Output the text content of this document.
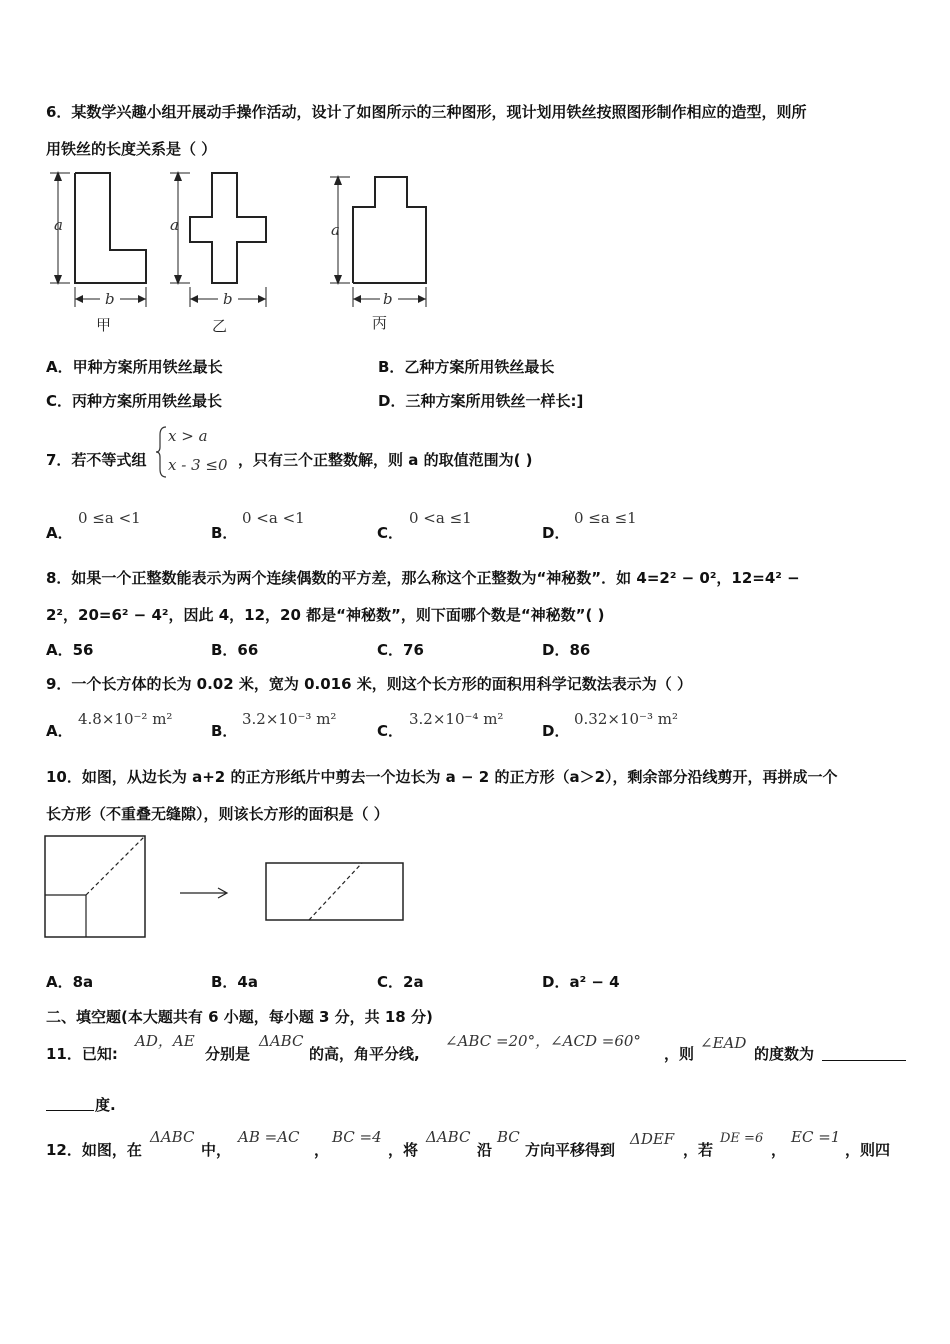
6．某数学兴趣小组开展动手操作活动，设计了如图所示的三种图形，现计划用铁丝按照图形制作相应的造型，则所
用铁丝的长度关系是（ ）
a
b
甲
a
b
乙
a
b
丙
A．甲种方案所用铁丝最长	B．乙种方案所用铁丝最长
C．丙种方案所用铁丝最长	D．三种方案所用铁丝一样长:]
7．若不等式组
x > a
x - 3 ≤0 ，只有三个正整数解，则 a 的取值范围为( )
A．
0 ≤a <1
B．
0 <a <1
C．
0 <a ≤1
D．
0 ≤a ≤1
8．如果一个正整数能表示为两个连续偶数的平方差，那么称这个正整数为“神秘数”．如 4=2² − 0²，12=4² −
2²，20=6² − 4²，因此 4，12，20 都是“神秘数”，则下面哪个数是“神秘数”( )
A．56	B．66	C．76	D．86
9．一个长方体的长为 0.02 米，宽为 0.016 米，则这个长方形的面积用科学记数法表示为（ ）
A．
4.8×10⁻² m²
B．
3.2×10⁻³ m²
C．
3.2×10⁻⁴ m²
D．
0.32×10⁻³ m²
10．如图，从边长为 a+2 的正方形纸片中剪去一个边长为 a − 2 的正方形（a＞2），剩余部分沿线剪开，再拼成一个
长方形（不重叠无缝隙），则该长方形的面积是（ ）
A．8a	B．4a	C．2a	D．a² − 4
二、填空题(本大题共有 6 小题，每小题 3 分，共 18 分)
11．已知:
AD，AE
分别是
ΔABC
的高，角平分线,
∠ABC =20°，∠ACD =60°
，则
∠EAD
的度数为
度.
12．如图，在
ΔABC
中，
AB =AC
，
BC =4
，将
ΔABC
沿
BC
方向平移得到
ΔDEF
，若
DE =6
，
EC =1
，则四
